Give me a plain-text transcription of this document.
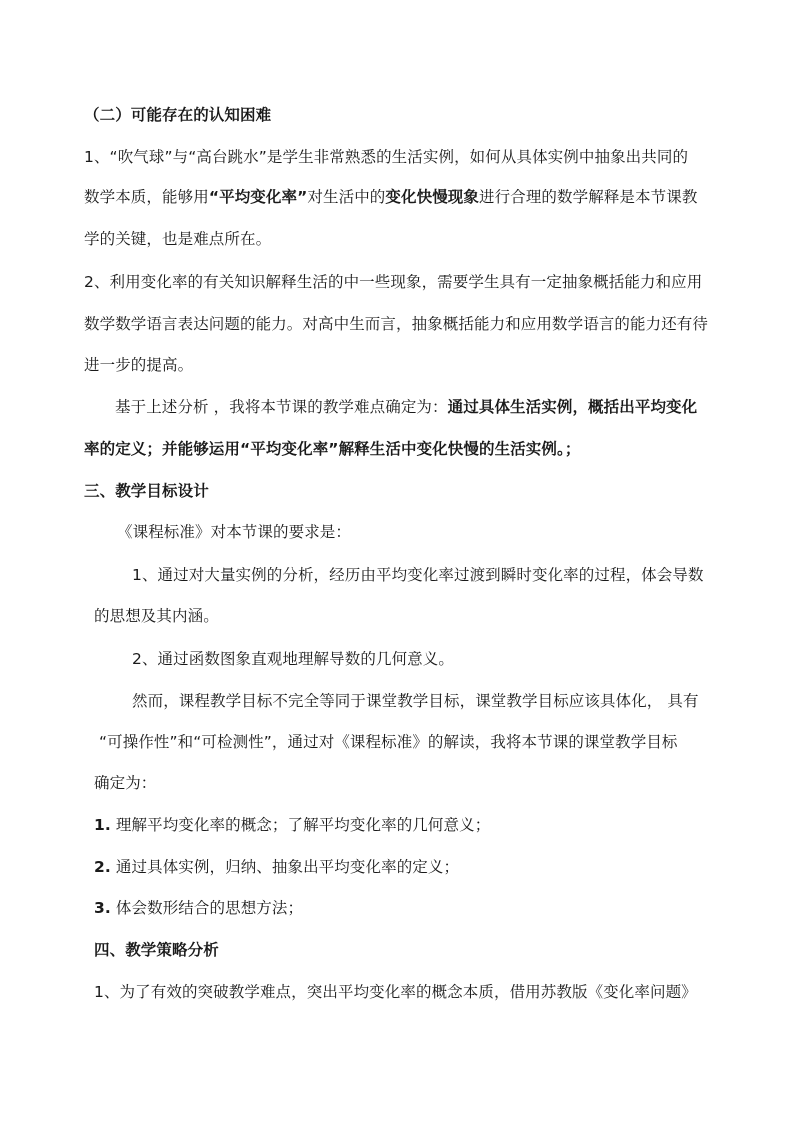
（二）可能存在的认知困难
1、“吹气球”与“高台跳水”是学生非常熟悉的生活实例，如何从具体实例中抽象出共同的
数学本质，能够用“平均变化率”对生活中的变化快慢现象进行合理的数学解释是本节课教
学的关键，也是难点所在。
2、利用变化率的有关知识解释生活的中一些现象，需要学生具有一定抽象概括能力和应用
数学数学语言表达问题的能力。对高中生而言，抽象概括能力和应用数学语言的能力还有待
进一步的提高。
基于上述分析 ，我将本节课的教学难点确定为：通过具体生活实例，概括出平均变化
率的定义；并能够运用“平均变化率”解释生活中变化快慢的生活实例。；
三、教学目标设计
《课程标准》对本节课的要求是：
1、通过对大量实例的分析，经历由平均变化率过渡到瞬时变化率的过程，体会导数
的思想及其内涵。
2、通过函数图象直观地理解导数的几何意义。
然而，课程教学目标不完全等同于课堂教学目标，课堂教学目标应该具体化， 具有
“可操作性”和“可检测性”，通过对《课程标准》的解读，我将本节课的课堂教学目标
确定为：
1. 理解平均变化率的概念；了解平均变化率的几何意义；
2. 通过具体实例，归纳、抽象出平均变化率的定义；
3. 体会数形结合的思想方法；
四、教学策略分析
1、为了有效的突破教学难点，突出平均变化率的概念本质，借用苏教版《变化率问题》
